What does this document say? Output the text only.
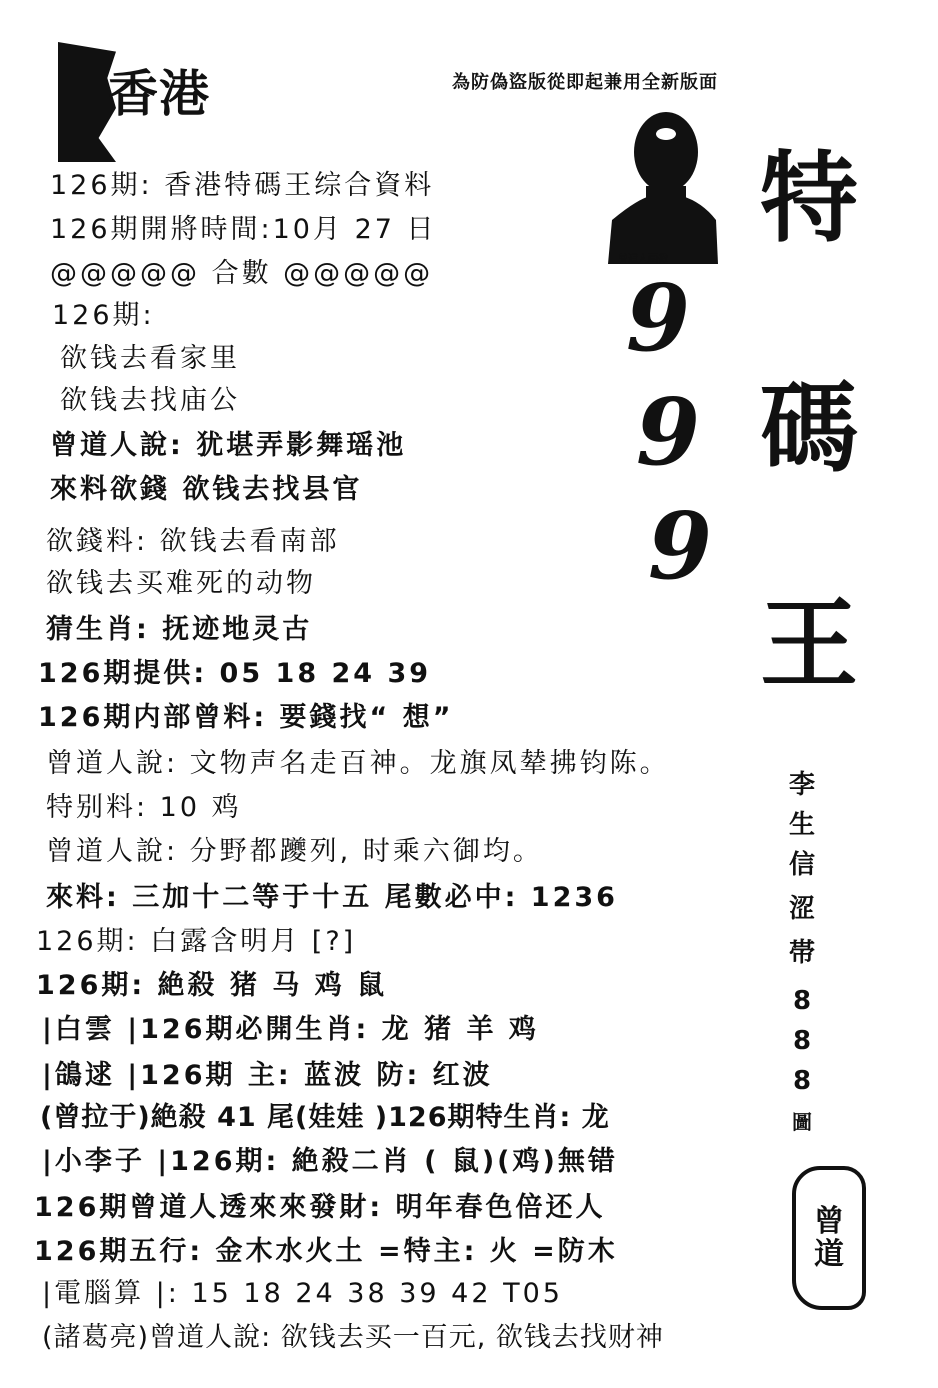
香港	為防偽盜版從即起兼用全新版面
曾道人画像
9
9
9
特
碼
王
李
生
信
涩
帯
8
8
8
圖
曾
道
126期: 香港特碼王综合資料
126期開將時間:10月 27 日
@@@@@ 合數 @@@@@
126期:
欲钱去看家里
欲钱去找庙公
曾道人說: 犹堪弄影舞瑶池
來料欲錢 欲钱去找县官
欲錢料: 欲钱去看南部
欲钱去买难死的动物
猜生肖: 抚迹地灵古
126期提供: 05 18 24 39
126期内部曾料: 要錢找“ 想”
曾道人說: 文物声名走百神。龙旗凤辇拂钧陈。
特别料: 10 鸡
曾道人說: 分野都躨列, 时乘六御均。
來料: 三加十二等于十五 尾數必中: 1236
126期: 白露含明月 [?]
126期: 絶殺 猪 马 鸡 鼠
|白雲 |126期必開生肖: 龙 猪 羊 鸡
|鴿逑 |126期 主: 蓝波 防: 红波
(曾拉于)絶殺 41 尾(娃娃 )126期特生肖: 龙
|小李子 |126期: 絶殺二肖 ( 鼠)(鸡)無错
126期曾道人透來來發財: 明年春色倍还人
126期五行: 金木水火土 =特主: 火 =防木
|電腦算 |: 15 18 24 38 39 42 T05
(諸葛亮)曾道人說: 欲钱去买一百元, 欲钱去找财神
